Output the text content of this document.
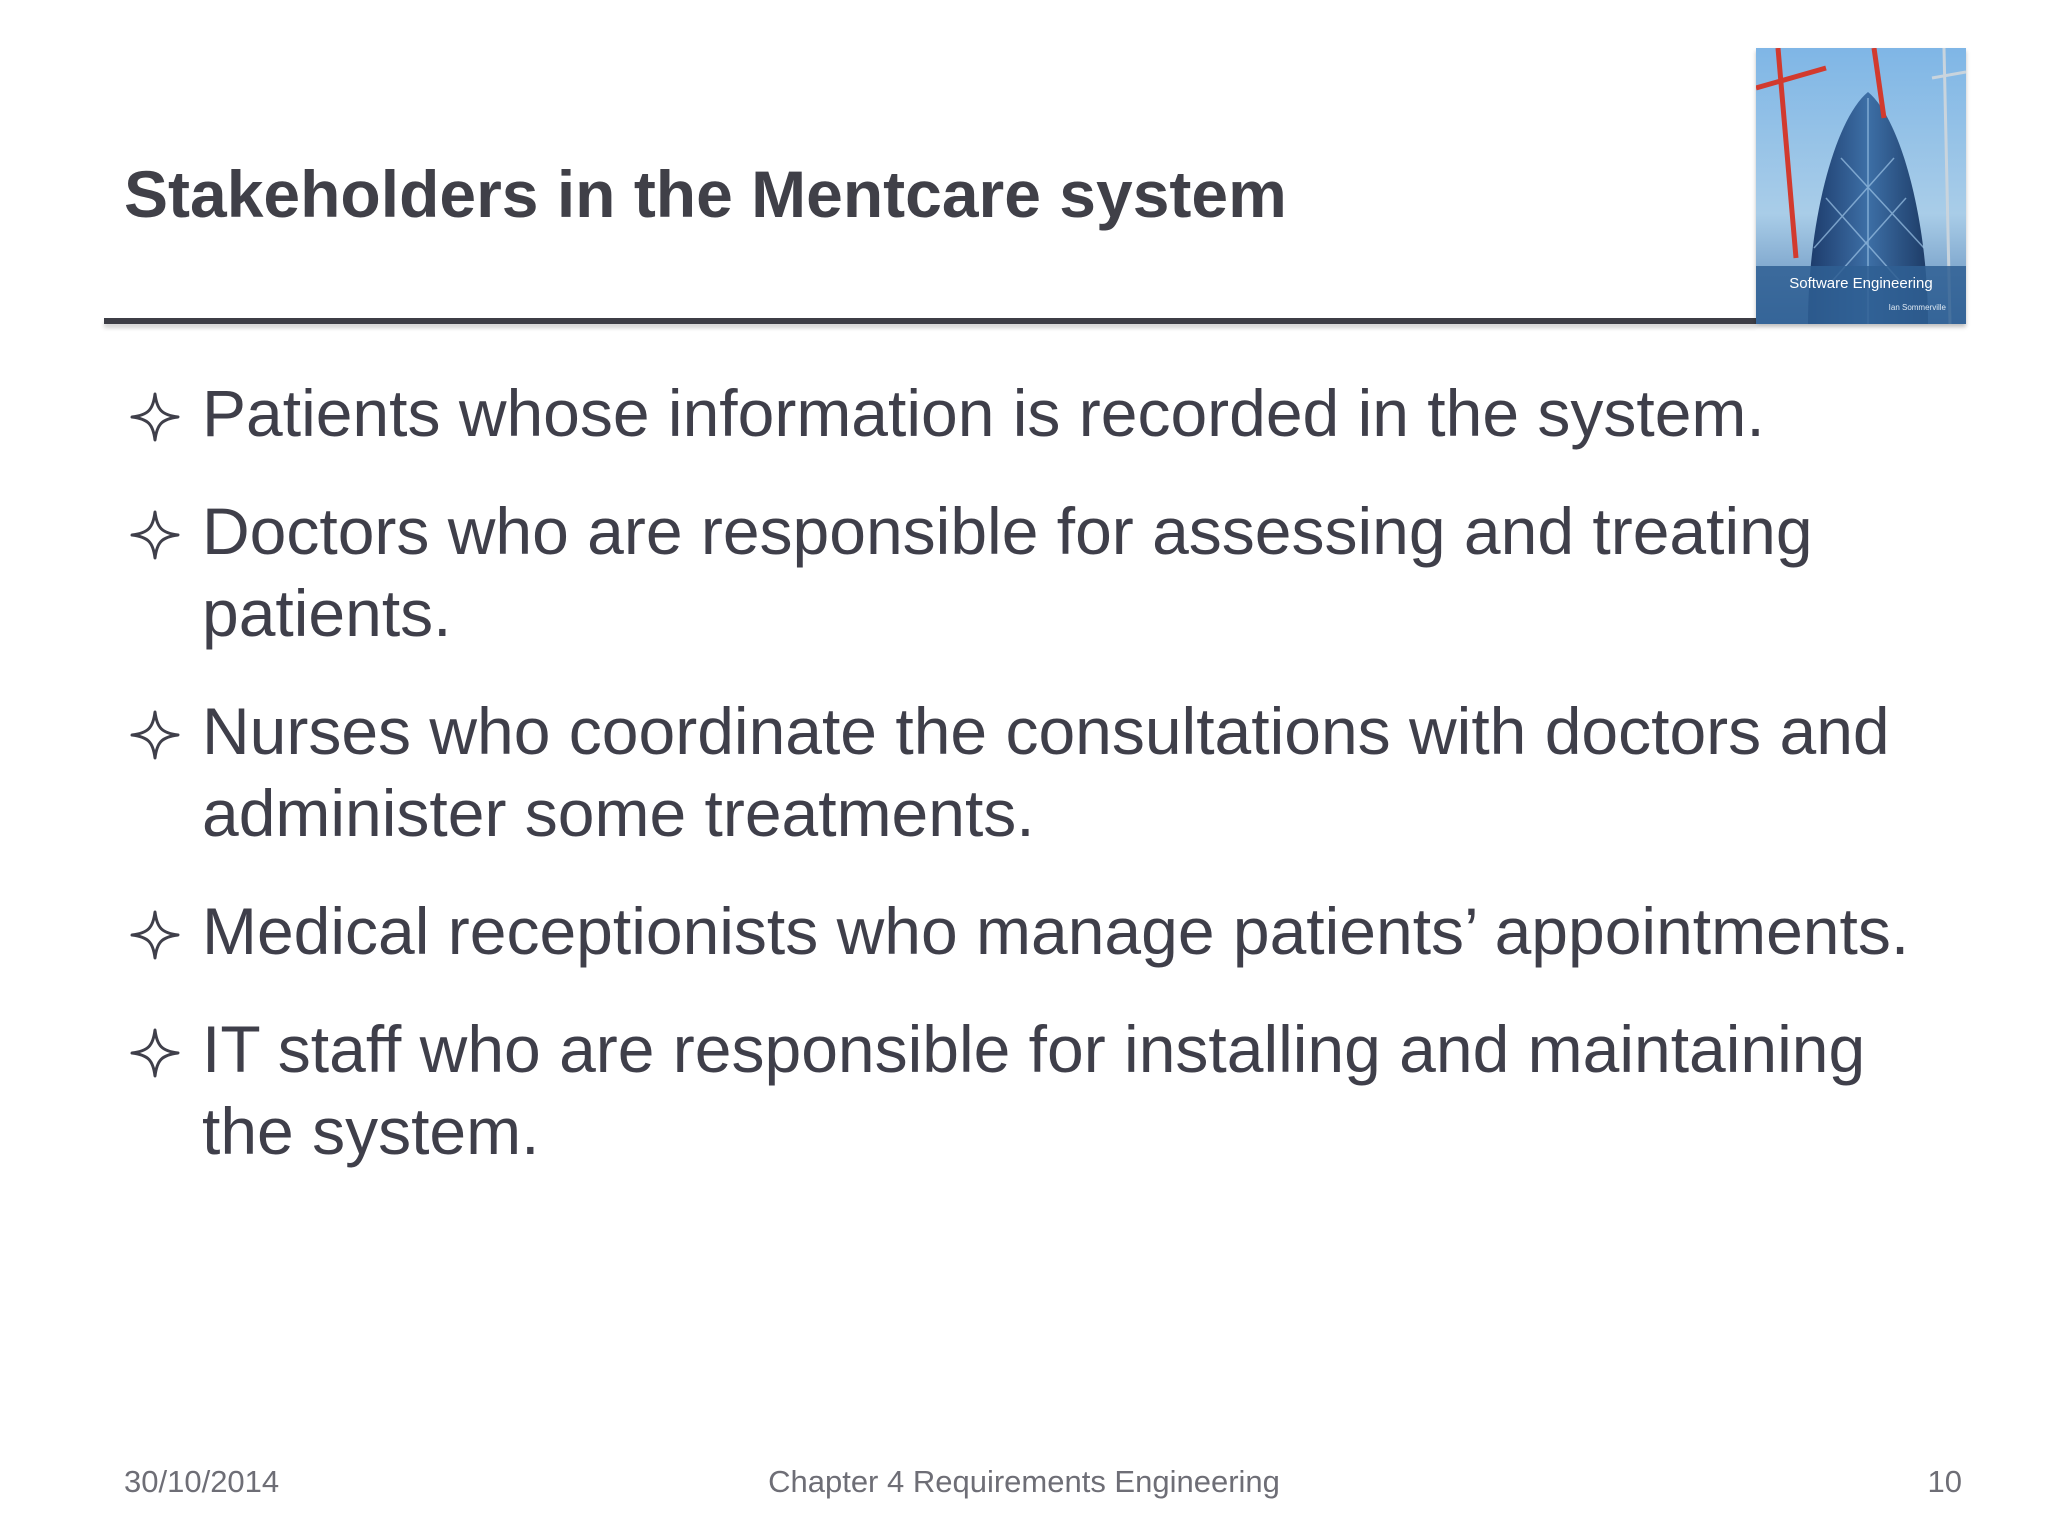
Stakeholders in the Mentcare system
Software Engineering
Ian Sommerville
Patients whose information is recorded in the system.
Doctors who are responsible for assessing and treating patients.
Nurses who coordinate the consultations with doctors and administer some treatments.
Medical receptionists who manage patients’ appointments.
IT staff who are responsible for installing and maintaining the system.
30/10/2014	Chapter 4 Requirements Engineering	10
